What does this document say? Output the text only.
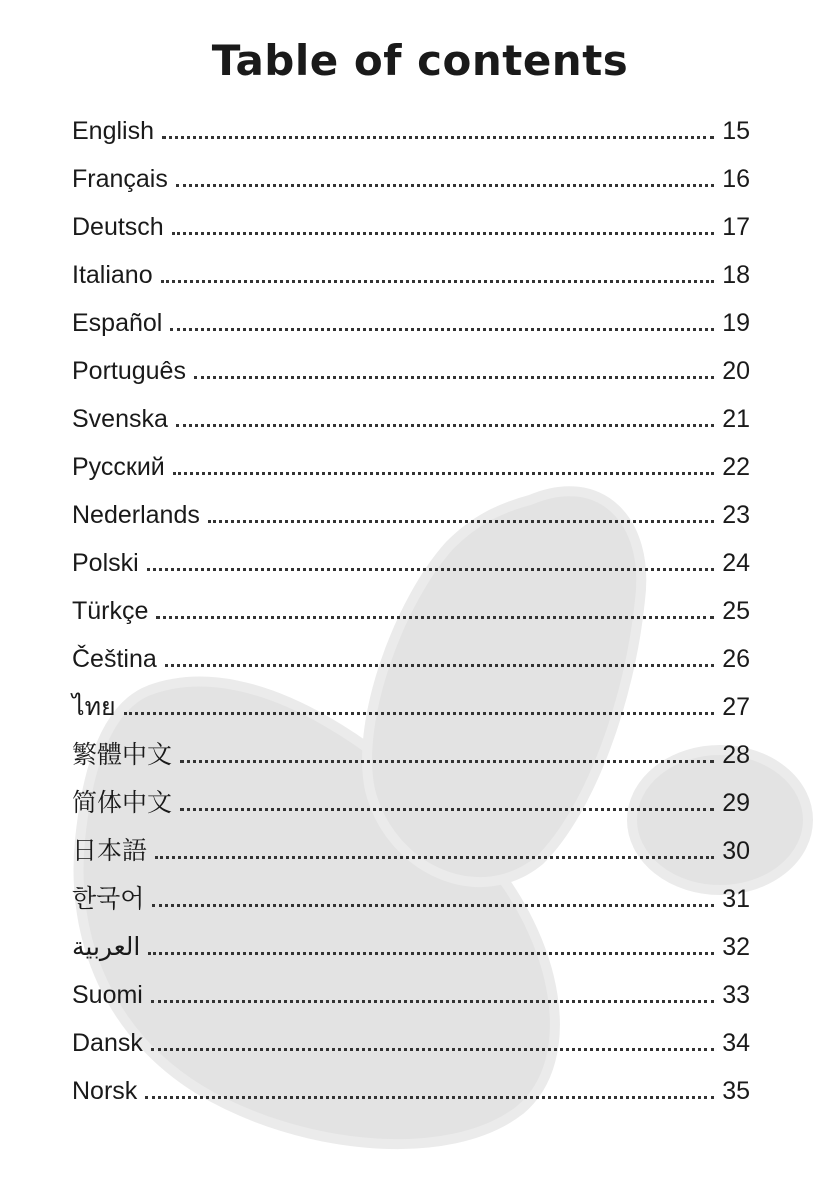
Table of contents
English	15
Français	16
Deutsch	17
Italiano	18
Español	19
Português	20
Svenska	21
Русский	22
Nederlands	23
Polski	24
Türkçe	25
Čeština	26
ไทย	27
繁體中文	28
简体中文	29
日本語	30
한국어	31
العربية	32
Suomi	33
Dansk	34
Norsk	35
